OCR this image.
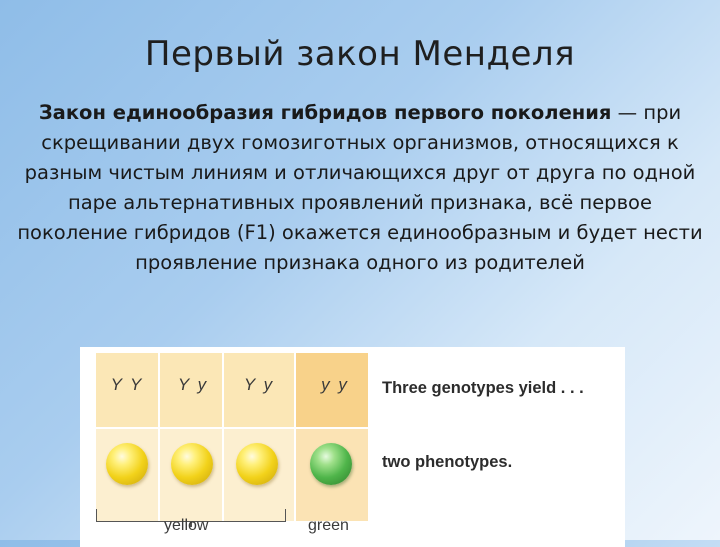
Первый закон Менделя
Закон единообразия гибридов первого поколения — при скрещивании двух гомозиготных организмов, относящихся к разным чистым линиям и отличающихся друг от друга по одной паре альтернативных проявлений признака, всё первое поколение гибридов (F1) окажется единообразным и будет нести проявление признака одного из родителей
Y Y	Y y	Y y	y y	Three genotypes yield . . .
two phenotypes.
yellow	green
